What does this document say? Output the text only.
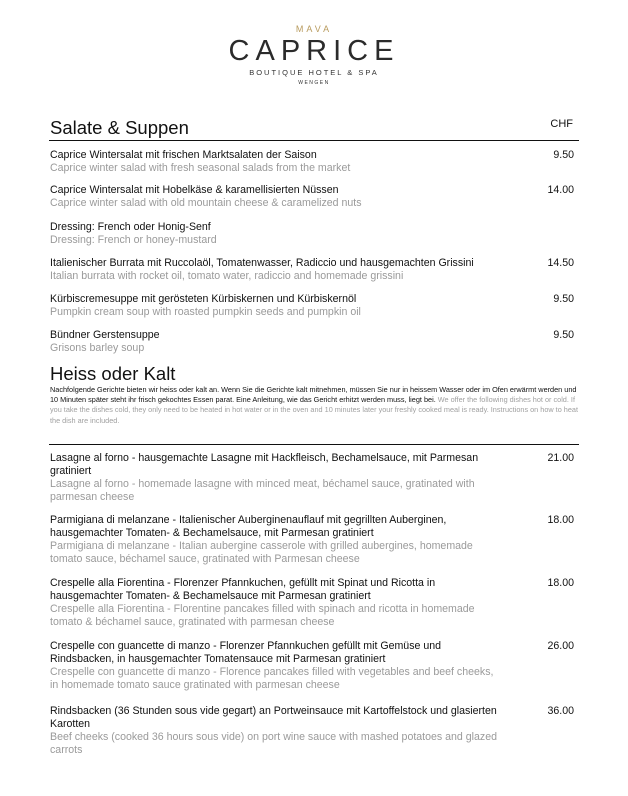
MAVA
CAPRICE
BOUTIQUE HOTEL & SPA
WENGEN
Salate & Suppen	CHF
Caprice Wintersalat mit frischen Marktsalaten der Saison
Caprice winter salad with fresh seasonal salads from the market
9.50
Caprice Wintersalat mit Hobelkäse & karamellisierten Nüssen
Caprice winter salad with old mountain cheese & caramelized nuts
14.00
Dressing: French oder Honig-Senf
Dressing: French or honey-mustard
Italienischer Burrata mit Ruccolaöl, Tomatenwasser, Radiccio und hausgemachten Grissini
Italian burrata with rocket oil, tomato water, radiccio and homemade grissini
14.50
Kürbiscremesuppe mit gerösteten Kürbiskernen und Kürbiskernöl
Pumpkin cream soup with roasted pumpkin seeds and pumpkin oil
9.50
Bündner Gerstensuppe
Grisons barley soup
9.50
Heiss oder Kalt
Nachfolgende Gerichte bieten wir heiss oder kalt an. Wenn Sie die Gerichte kalt mitnehmen, müssen Sie nur in heissem Wasser oder im Ofen erwärmt werden und 10 Minuten später steht ihr frisch gekochtes Essen parat. Eine Anleitung, wie das Gericht erhitzt werden muss, liegt bei. We offer the following dishes hot or cold. If you take the dishes cold, they only need to be heated in hot water or in the oven and 10 minutes later your freshly cooked meal is ready. Instructions on how to heat the dish are included.
Lasagne al forno - hausgemachte Lasagne mit Hackfleisch, Bechamelsauce, mit Parmesan gratiniert
Lasagne al forno - homemade lasagne with minced meat, béchamel sauce, gratinated with parmesan cheese
21.00
Parmigiana di melanzane - Italienischer Auberginenauflauf mit gegrillten Auberginen, hausgemachter Tomaten- & Bechamelsauce, mit Parmesan gratiniert
Parmigiana di melanzane - Italian aubergine casserole with grilled aubergines, homemade tomato sauce, béchamel sauce, gratinated with Parmesan cheese
18.00
Crespelle alla Fiorentina - Florenzer Pfannkuchen, gefüllt mit Spinat und Ricotta in hausgemachter Tomaten- & Bechamelsauce mit Parmesan gratiniert
Crespelle alla Fiorentina - Florentine pancakes filled with spinach and ricotta in homemade tomato & béchamel sauce, gratinated with parmesan cheese
18.00
Crespelle con guancette di manzo - Florenzer Pfannkuchen gefüllt mit Gemüse und Rindsbacken, in hausgemachter Tomatensauce mit Parmesan gratiniert
Crespelle con guancette di manzo - Florence pancakes filled with vegetables and beef cheeks, in homemade tomato sauce gratinated with parmesan cheese
26.00
Rindsbacken (36 Stunden sous vide gegart) an Portweinsauce mit Kartoffelstock und glasierten Karotten
Beef cheeks (cooked 36 hours sous vide) on port wine sauce with mashed potatoes and glazed carrots
36.00
